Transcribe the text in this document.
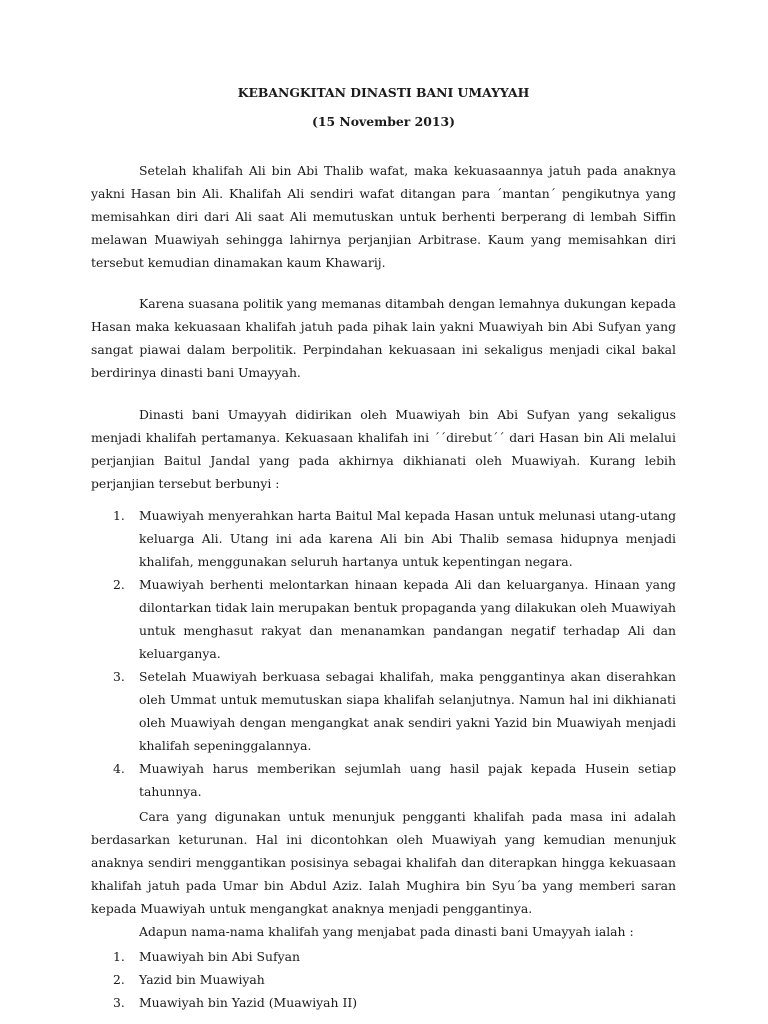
KEBANGKITAN DINASTI BANI UMAYYAH

(15 November 2013)

Setelah khalifah Ali bin Abi Thalib wafat, maka kekuasaannya jatuh pada anaknya yakni Hasan bin Ali. Khalifah Ali sendiri wafat ditangan para ´mantan´ pengikutnya yang memisahkan diri dari Ali saat Ali memutuskan untuk berhenti berperang di lembah Siffin melawan Muawiyah sehingga lahirnya perjanjian Arbitrase. Kaum yang memisahkan diri tersebut kemudian dinamakan kaum Khawarij.

Karena suasana politik yang memanas ditambah dengan lemahnya dukungan kepada Hasan maka kekuasaan khalifah jatuh pada pihak lain yakni Muawiyah bin Abi Sufyan yang sangat piawai dalam berpolitik. Perpindahan kekuasaan ini sekaligus menjadi cikal bakal berdirinya dinasti bani Umayyah.

Dinasti bani Umayyah didirikan oleh Muawiyah bin Abi Sufyan yang sekaligus menjadi khalifah pertamanya. Kekuasaan khalifah ini ´´direbut´´ dari Hasan bin Ali melalui perjanjian Baitul Jandal yang pada akhirnya dikhianati oleh Muawiyah. Kurang lebih perjanjian tersebut berbunyi :

1. Muawiyah menyerahkan harta Baitul Mal kepada Hasan untuk melunasi utang-utang keluarga Ali. Utang ini ada karena Ali bin Abi Thalib semasa hidupnya menjadi khalifah, menggunakan seluruh hartanya untuk kepentingan negara.
2. Muawiyah berhenti melontarkan hinaan kepada Ali dan keluarganya. Hinaan yang dilontarkan tidak lain merupakan bentuk propaganda yang dilakukan oleh Muawiyah untuk menghasut rakyat dan menanamkan pandangan negatif terhadap Ali dan keluarganya.
3. Setelah Muawiyah berkuasa sebagai khalifah, maka penggantinya akan diserahkan oleh Ummat untuk memutuskan siapa khalifah selanjutnya. Namun hal ini dikhianati oleh Muawiyah dengan mengangkat anak sendiri yakni Yazid bin Muawiyah menjadi khalifah sepeninggalannya.
4. Muawiyah harus memberikan sejumlah uang hasil pajak kepada Husein setiap tahunnya.

Cara yang digunakan untuk menunjuk pengganti khalifah pada masa ini adalah berdasarkan keturunan. Hal ini dicontohkan oleh Muawiyah yang kemudian menunjuk anaknya sendiri menggantikan posisinya sebagai khalifah dan diterapkan hingga kekuasaan khalifah jatuh pada Umar bin Abdul Aziz. Ialah Mughira bin Syu´ba yang memberi saran kepada Muawiyah untuk mengangkat anaknya menjadi penggantinya.

Adapun nama-nama khalifah yang menjabat pada dinasti bani Umayyah ialah :

1. Muawiyah bin Abi Sufyan
2. Yazid bin Muawiyah
3. Muawiyah bin Yazid (Muawiyah II)
